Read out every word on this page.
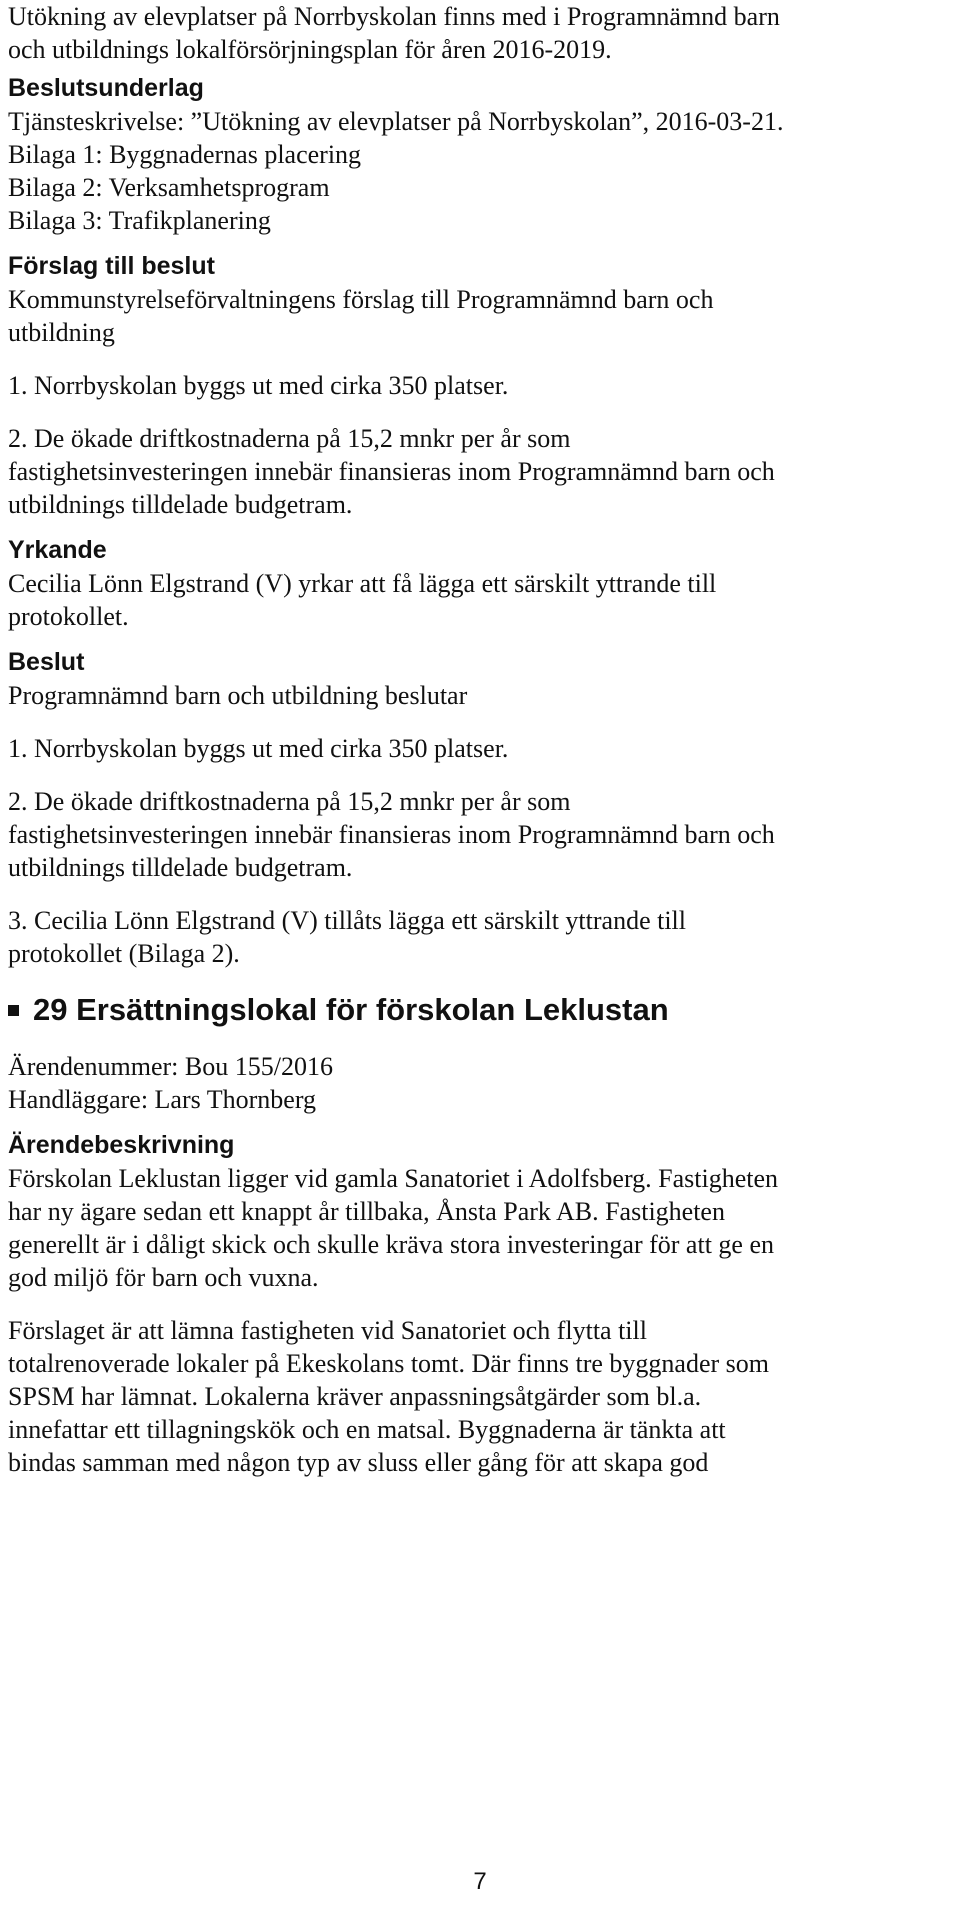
Utökning av elevplatser på Norrbyskolan finns med i Programnämnd barn

och utbildnings lokalförsörjningsplan för åren 2016-2019.

Beslutsunderlag

Tjänsteskrivelse: ”Utökning av elevplatser på Norrbyskolan”, 2016-03-21.

Bilaga 1: Byggnadernas placering

Bilaga 2: Verksamhetsprogram

Bilaga 3: Trafikplanering

Förslag till beslut

Kommunstyrelseförvaltningens förslag till Programnämnd barn och

utbildning

1. Norrbyskolan byggs ut med cirka 350 platser.

2. De ökade driftkostnaderna på 15,2 mnkr per år som

fastighetsinvesteringen innebär finansieras inom Programnämnd barn och

utbildnings tilldelade budgetram.

Yrkande

Cecilia Lönn Elgstrand (V) yrkar att få lägga ett särskilt yttrande till

protokollet.

Beslut

Programnämnd barn och utbildning beslutar

1. Norrbyskolan byggs ut med cirka 350 platser.

2. De ökade driftkostnaderna på 15,2 mnkr per år som

fastighetsinvesteringen innebär finansieras inom Programnämnd barn och

utbildnings tilldelade budgetram.

3. Cecilia Lönn Elgstrand (V) tillåts lägga ett särskilt yttrande till

protokollet (Bilaga 2).

29 Ersättningslokal för förskolan Leklustan

Ärendenummer: Bou 155/2016

Handläggare: Lars Thornberg

Ärendebeskrivning

Förskolan Leklustan ligger vid gamla Sanatoriet i Adolfsberg. Fastigheten

har ny ägare sedan ett knappt år tillbaka, Ånsta Park AB. Fastigheten

generellt är i dåligt skick och skulle kräva stora investeringar för att ge en

god miljö för barn och vuxna.

Förslaget är att lämna fastigheten vid Sanatoriet och flytta till

totalrenoverade lokaler på Ekeskolans tomt. Där finns tre byggnader som

SPSM har lämnat. Lokalerna kräver anpassningsåtgärder som bl.a.

innefattar ett tillagningskök och en matsal. Byggnaderna är tänkta att

bindas samman med någon typ av sluss eller gång för att skapa god

7
